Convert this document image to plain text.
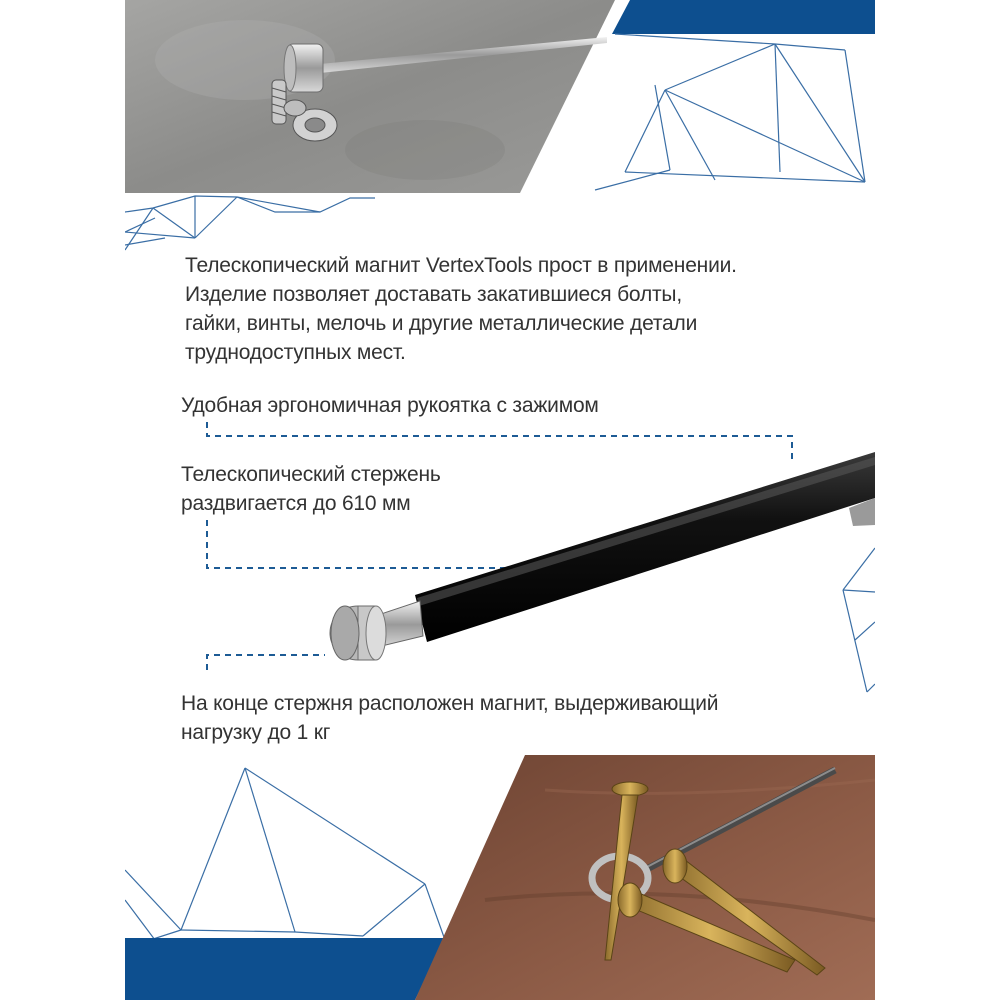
Телескопический магнит VertexTools прост в применении.
Изделие позволяет доставать закатившиеся болты,
гайки, винты, мелочь и другие металлические детали
труднодоступных мест.
Удобная эргономичная рукоятка с зажимом
Телескопический стержень
раздвигается до 610 мм
На конце стержня расположен магнит, выдерживающий
нагрузку до 1 кг
